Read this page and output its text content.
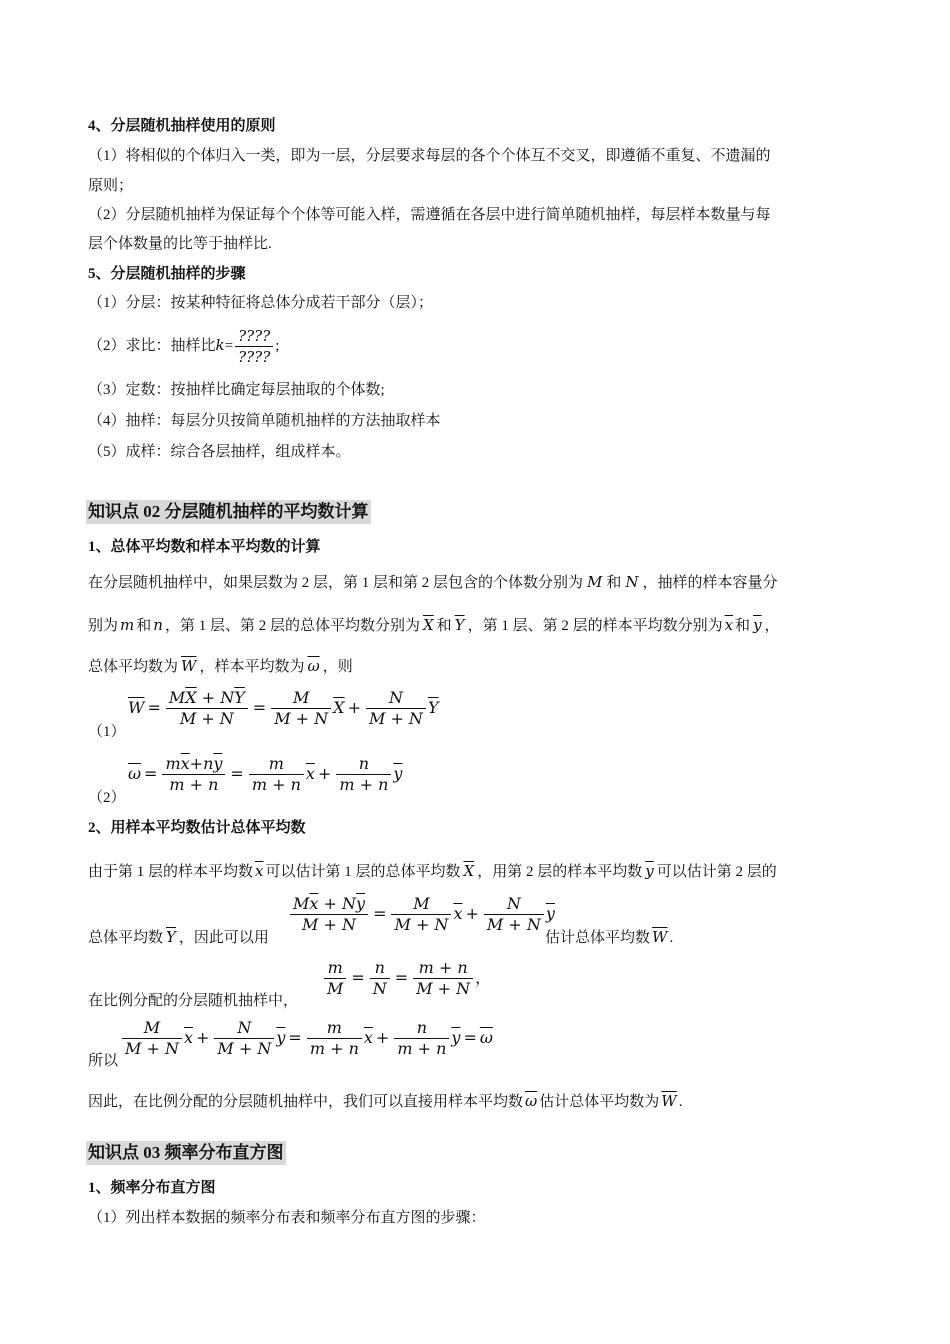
4、分层随机抽样使用的原则
（1）将相似的个体归入一类，即为一层，分层要求每层的各个个体互不交叉，即遵循不重复、不遗漏的
原则；
（2）分层随机抽样为保证每个个体等可能入样，需遵循在各层中进行简单随机抽样，每层样本数量与每
层个体数量的比等于抽样比.
5、分层随机抽样的步骤
（1）分层：按某种特征将总体分成若干部分（层）；
（2）求比：抽样比$k= \frac{????}{????}$ ;
（3）定数：按抽样比确定每层抽取的个体数;
（4）抽样：每层分贝按简单随机抽样的方法抽取样本
（5）成样：综合各层抽样，组成样本。
知识点 02 分层随机抽样的平均数计算
1、总体平均数和样本平均数的计算
在分层随机抽样中，如果层数为 2 层，第 1 层和第 2 层包含的个体数分别为 M 和 N ，抽样的样本容量分
别为 m 和 n ，第 1 层、第 2 层的总体平均数分别为 $\overline{X}$ 和 $\overline{Y}$ ，第 1 层、第 2 层的样本平均数分别为 $\overline{x}$ 和 $\overline{y}$ ，
总体平均数为 $\overline{W}$ ，样本平均数为 $\overline{\omega}$ ，则
（1）
$\overline{W} = \frac{M\overline{X} + N\overline{Y}}{M + N} = \frac{M}{M + N} \overline{X} + \frac{N}{M + N} \overline{Y}$
（2）
$\overline{\omega} = \frac{m\overline{x}+n\overline{y}}{m + n} = \frac{m}{m + n} \overline{x} + \frac{n}{m + n} \overline{y}$
2、用样本平均数估计总体平均数
由于第 1 层的样本平均数 $\overline{x}$ 可以估计第 1 层的总体平均数 $\overline{X}$ ，用第 2 层的样本平均数 $\overline{y}$ 可以估计第 2 层的
总体平均数 $\overline{Y}$ ，因此可以用
$\frac{M\overline{x} + N\overline{y}}{M + N} = \frac{M}{M + N} \overline{x} + \frac{N}{M + N} \overline{y}$
估计总体平均数 $\overline{W}$ .
在比例分配的分层随机抽样中，
$\frac{m}{M} = \frac{n}{N} = \frac{m + n}{M + N}$ ，
所以
$\frac{M}{M + N} \overline{x} + \frac{N}{M + N} \overline{y} = \frac{m}{m + n} \overline{x} + \frac{n}{m + n} \overline{y} = \overline{\omega}$
因此，在比例分配的分层随机抽样中，我们可以直接用样本平均数 $\overline{\omega}$ 估计总体平均数为 $\overline{W}$ .
知识点 03 频率分布直方图
1、频率分布直方图
（1）列出样本数据的频率分布表和频率分布直方图的步骤：
